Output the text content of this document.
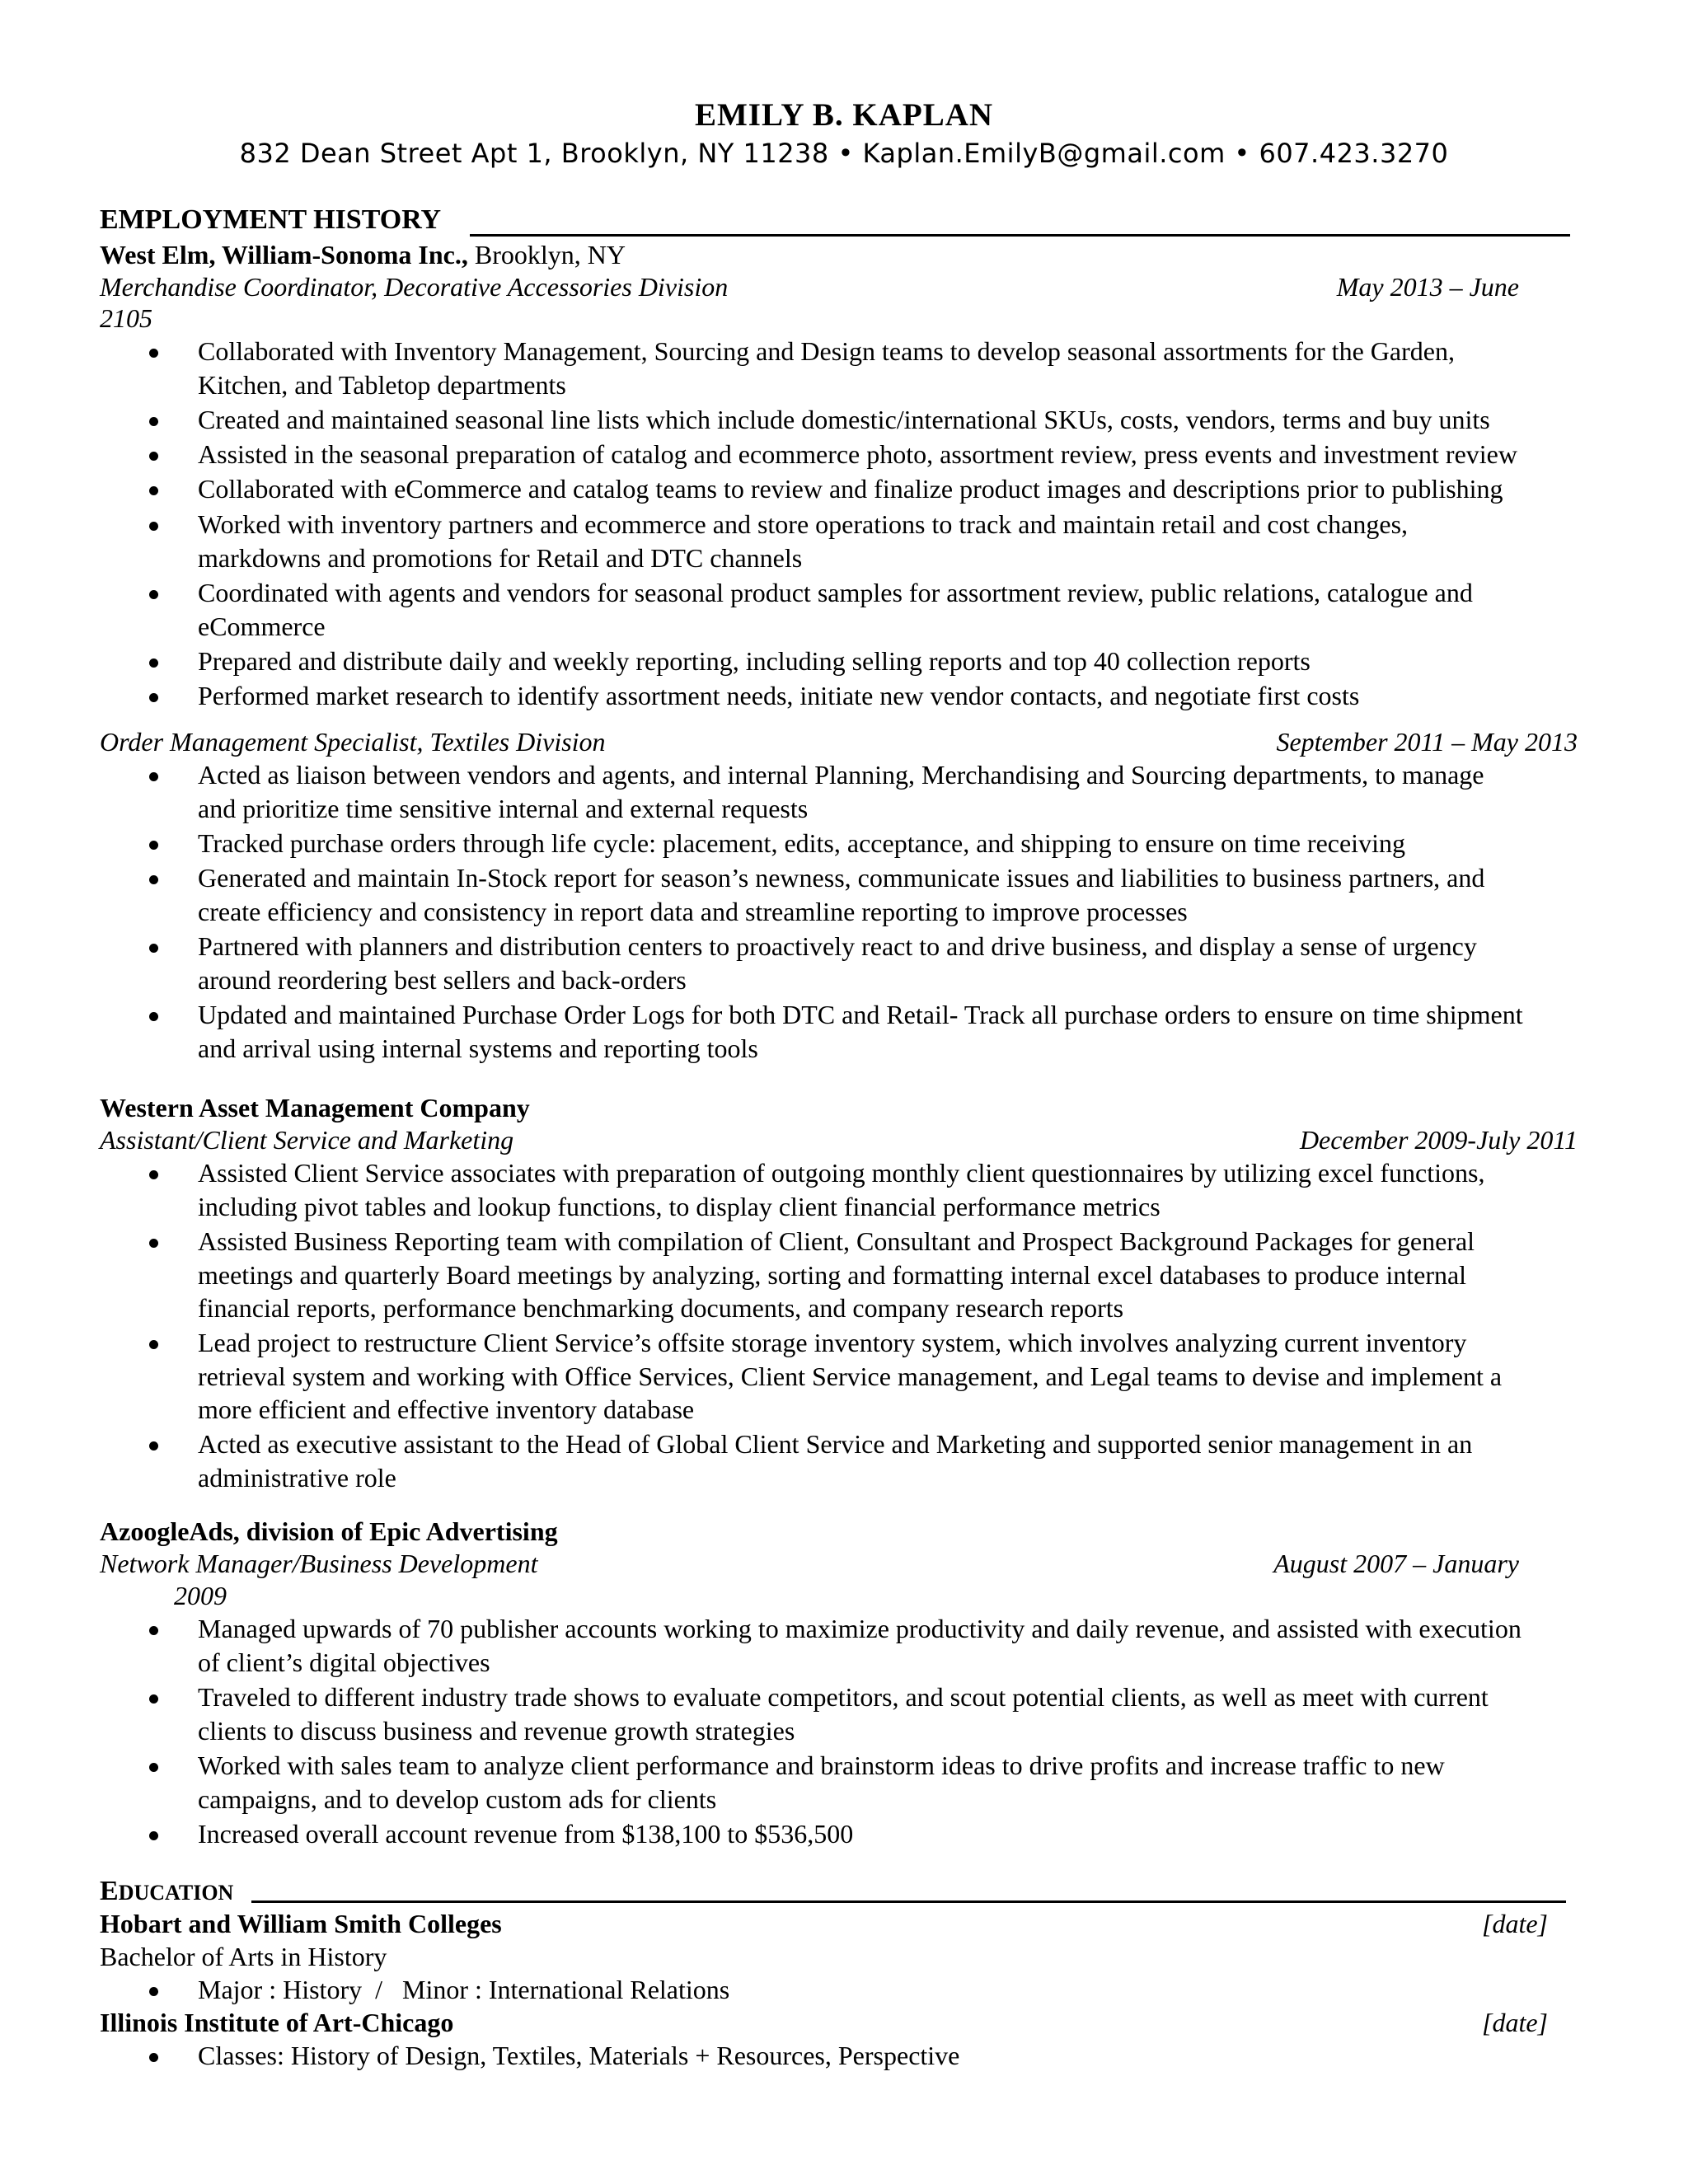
EMILY B. KAPLAN
832 Dean Street Apt 1, Brooklyn, NY 11238 • Kaplan.EmilyB@gmail.com • 607.423.3270
EMPLOYMENT HISTORY
West Elm, William-Sonoma Inc., Brooklyn, NY
Merchandise Coordinator, Decorative Accessories Division	May 2013 – June
2105
Collaborated with Inventory Management, Sourcing and Design teams to develop seasonal assortments for the Garden,
Kitchen, and Tabletop departments
Created and maintained seasonal line lists which include domestic/international SKUs, costs, vendors, terms and buy units
Assisted in the seasonal preparation of catalog and ecommerce photo, assortment review, press events and investment review
Collaborated with eCommerce and catalog teams to review and finalize product images and descriptions prior to publishing
Worked with inventory partners and ecommerce and store operations to track and maintain retail and cost changes,
markdowns and promotions for Retail and DTC channels
Coordinated with agents and vendors for seasonal product samples for assortment review, public relations, catalogue and
eCommerce
Prepared and distribute daily and weekly reporting, including selling reports and top 40 collection reports
Performed market research to identify assortment needs, initiate new vendor contacts, and negotiate first costs
Order Management Specialist, Textiles Division	September 2011 – May 2013
Acted as liaison between vendors and agents, and internal Planning, Merchandising and Sourcing departments, to manage
and prioritize time sensitive internal and external requests
Tracked purchase orders through life cycle: placement, edits, acceptance, and shipping to ensure on time receiving
Generated and maintain In-Stock report for season’s newness, communicate issues and liabilities to business partners, and
create efficiency and consistency in report data and streamline reporting to improve processes
Partnered with planners and distribution centers to proactively react to and drive business, and display a sense of urgency
around reordering best sellers and back-orders
Updated and maintained Purchase Order Logs for both DTC and Retail- Track all purchase orders to ensure on time shipment
and arrival using internal systems and reporting tools
Western Asset Management Company
Assistant/Client Service and Marketing	December 2009-July 2011
Assisted Client Service associates with preparation of outgoing monthly client questionnaires by utilizing excel functions,
including pivot tables and lookup functions, to display client financial performance metrics
Assisted Business Reporting team with compilation of Client, Consultant and Prospect Background Packages for general
meetings and quarterly Board meetings by analyzing, sorting and formatting internal excel databases to produce internal
financial reports, performance benchmarking documents, and company research reports
Lead project to restructure Client Service’s offsite storage inventory system, which involves analyzing current inventory
retrieval system and working with Office Services, Client Service management, and Legal teams to devise and implement a
more efficient and effective inventory database
Acted as executive assistant to the Head of Global Client Service and Marketing and supported senior management in an
administrative role
AzoogleAds, division of Epic Advertising
Network Manager/Business Development	August 2007 – January
2009
Managed upwards of 70 publisher accounts working to maximize productivity and daily revenue, and assisted with execution
of client’s digital objectives
Traveled to different industry trade shows to evaluate competitors, and scout potential clients, as well as meet with current
clients to discuss business and revenue growth strategies
Worked with sales team to analyze client performance and brainstorm ideas to drive profits and increase traffic to new
campaigns, and to develop custom ads for clients
Increased overall account revenue from $138,100 to $536,500
EDUCATION
Hobart and William Smith Colleges	[date]
Bachelor of Arts in History
Major : History  /   Minor : International Relations
Illinois Institute of Art-Chicago	[date]
Classes: History of Design, Textiles, Materials + Resources, Perspective
